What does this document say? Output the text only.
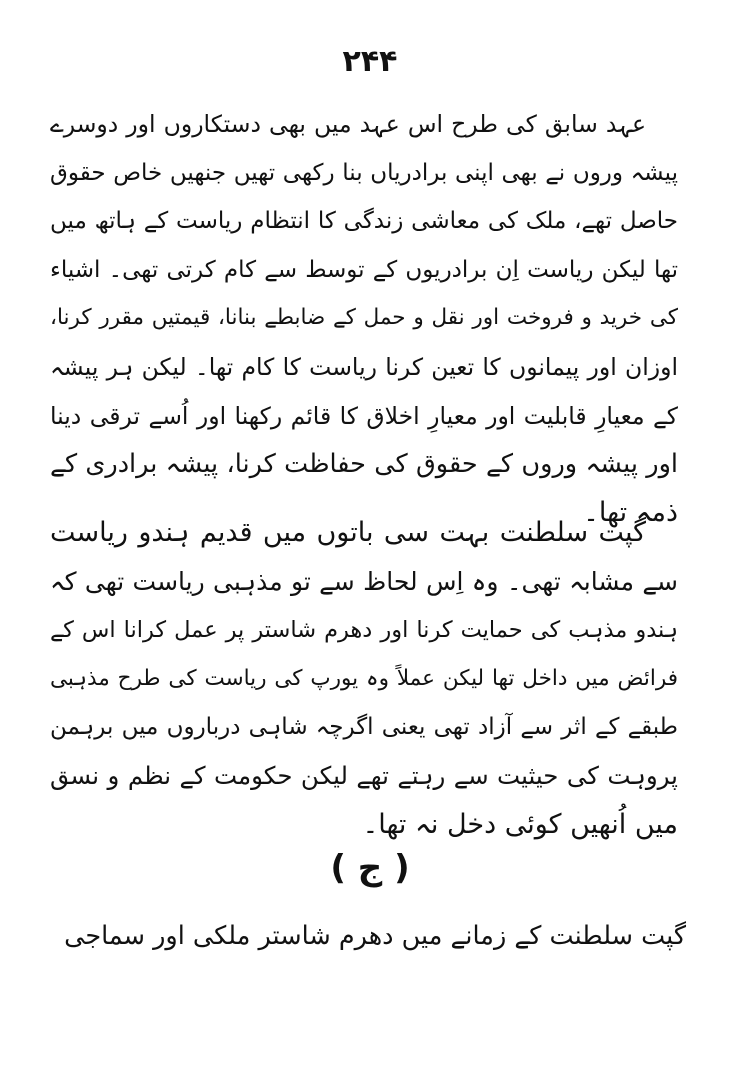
۲۴۴
عہد سابق کی طرح اس عہد میں بھی دستکاروں اور دوسرے
پیشہ وروں نے بھی اپنی برادریاں بنا رکھی تھیں جنھیں خاص حقوق
حاصل تھے، ملک کی معاشی زندگی کا انتظام ریاست کے ہاتھ میں
تھا لیکن ریاست اِن برادریوں کے توسط سے کام کرتی تھی۔ اشیاء
کی خرید و فروخت اور نقل و حمل کے ضابطے بنانا، قیمتیں مقرر کرنا،
اوزان اور پیمانوں کا تعین کرنا ریاست کا کام تھا۔ لیکن ہر پیشہ
کے معیارِ قابلیت اور معیارِ اخلاق کا قائم رکھنا اور اُسے ترقی دینا
اور پیشہ وروں کے حقوق کی حفاظت کرنا، پیشہ برادری کے
ذمہ تھا۔
گپت سلطنت بہت سی باتوں میں قدیم ہندو ریاست
سے مشابہ تھی۔ وہ اِس لحاظ سے تو مذہبی ریاست تھی کہ
ہندو مذہب کی حمایت کرنا اور دھرم شاستر پر عمل کرانا اس کے
فرائض میں داخل تھا لیکن عملاً وہ یورپ کی ریاست کی طرح مذہبی
طبقے کے اثر سے آزاد تھی یعنی اگرچہ شاہی درباروں میں برہمن
پروہت کی حیثیت سے رہتے تھے لیکن حکومت کے نظم و نسق
میں اُنھیں کوئی دخل نہ تھا۔
( ج )
گپت سلطنت کے زمانے میں دھرم شاستر ملکی اور سماجی
